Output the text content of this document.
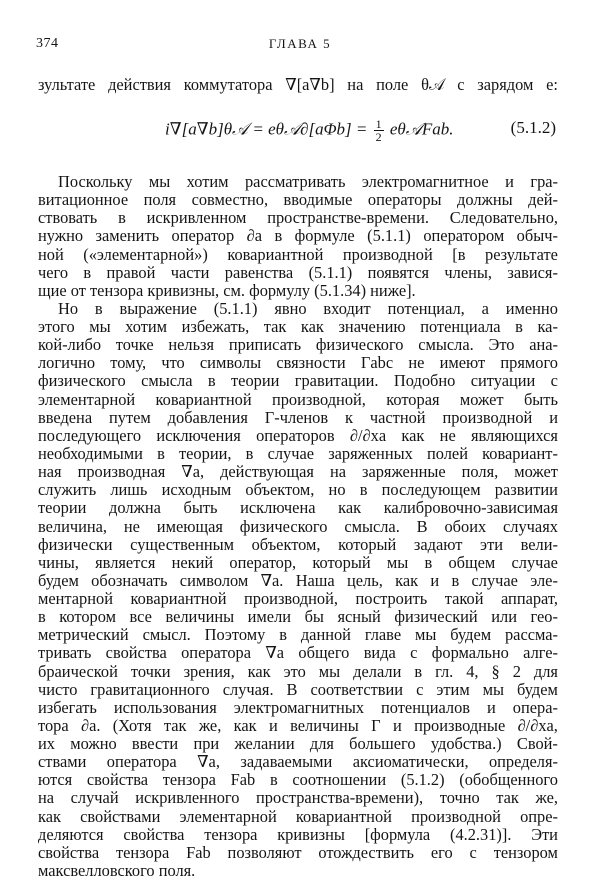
374	ГЛАВА 5
зультате действия коммутатора ∇[a∇b] на поле θ𝒜 с зарядом e:
i∇[a∇b]θ𝒜 = eθ𝒜∂[aΦb] = $\frac{1}{2}$ eθ𝒜Fab.	(5.1.2)
Поскольку мы хотим рассматривать электромагнитное и гра-
витационное поля совместно, вводимые операторы должны дей-
ствовать в искривленном пространстве-времени. Следовательно,
нужно заменить оператор ∂a в формуле (5.1.1) оператором обыч-
ной («элементарной») ковариантной производной [в результате
чего в правой части равенства (5.1.1) появятся члены, завися-
щие от тензора кривизны, см. формулу (5.1.34) ниже].
Но в выражение (5.1.1) явно входит потенциал, а именно
этого мы хотим избежать, так как значению потенциала в ка-
кой-либо точке нельзя приписать физического смысла. Это ана-
логично тому, что символы связности Γabc не имеют прямого
физического смысла в теории гравитации. Подобно ситуации с
элементарной ковариантной производной, которая может быть
введена путем добавления Γ-членов к частной производной и
последующего исключения операторов ∂/∂xa как не являющихся
необходимыми в теории, в случае заряженных полей ковариант-
ная производная ∇a, действующая на заряженные поля, может
служить лишь исходным объектом, но в последующем развитии
теории должна быть исключена как калибровочно-зависимая
величина, не имеющая физического смысла. В обоих случаях
физически существенным объектом, который задают эти вели-
чины, является некий оператор, который мы в общем случае
будем обозначать символом ∇a. Наша цель, как и в случае эле-
ментарной ковариантной производной, построить такой аппарат,
в котором все величины имели бы ясный физический или гео-
метрический смысл. Поэтому в данной главе мы будем рассма-
тривать свойства оператора ∇a общего вида с формально алге-
браической точки зрения, как это мы делали в гл. 4, § 2 для
чисто гравитационного случая. В соответствии с этим мы будем
избегать использования электромагнитных потенциалов и опера-
тора ∂a. (Хотя так же, как и величины Γ и производные ∂/∂xa,
их можно ввести при желании для большего удобства.) Свой-
ствами оператора ∇a, задаваемыми аксиоматически, определя-
ются свойства тензора Fab в соотношении (5.1.2) (обобщенного
на случай искривленного пространства-времени), точно так же,
как свойствами элементарной ковариантной производной опре-
деляются свойства тензора кривизны [формула (4.2.31)]. Эти
свойства тензора Fab позволяют отождествить его с тензором
максвелловского поля.
